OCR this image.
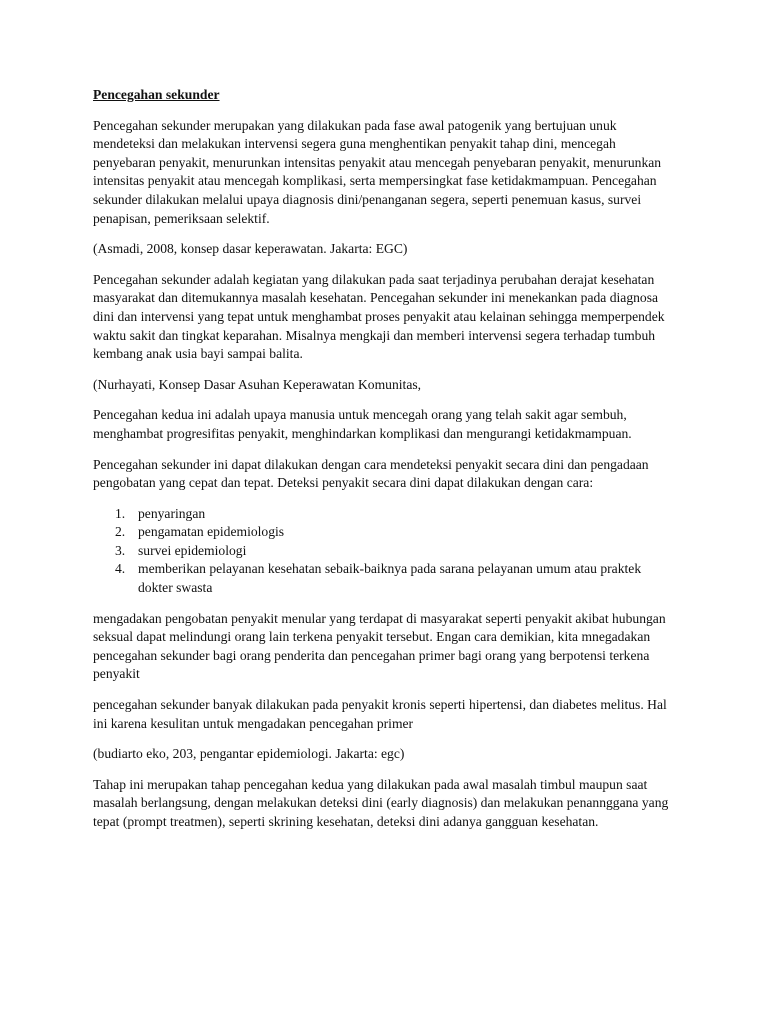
Pencegahan sekunder

Pencegahan sekunder merupakan yang dilakukan pada fase awal patogenik yang bertujuan unuk mendeteksi dan melakukan intervensi segera guna menghentikan penyakit tahap dini, mencegah penyebaran penyakit, menurunkan intensitas penyakit atau mencegah penyebaran penyakit, menurunkan intensitas penyakit atau mencegah komplikasi, serta mempersingkat fase ketidakmampuan. Pencegahan sekunder dilakukan melalui upaya diagnosis dini/penanganan segera, seperti penemuan kasus, survei penapisan, pemeriksaan selektif.

(Asmadi, 2008, konsep dasar keperawatan. Jakarta: EGC)

Pencegahan sekunder adalah kegiatan yang dilakukan pada saat terjadinya perubahan derajat kesehatan masyarakat dan ditemukannya masalah kesehatan. Pencegahan sekunder ini menekankan pada diagnosa dini dan intervensi yang tepat untuk menghambat proses penyakit atau kelainan sehingga memperpendek waktu sakit dan tingkat keparahan. Misalnya mengkaji dan memberi intervensi segera terhadap tumbuh kembang anak usia bayi sampai balita.

(Nurhayati, Konsep Dasar Asuhan Keperawatan Komunitas,

Pencegahan kedua ini adalah upaya manusia untuk mencegah orang yang telah sakit agar sembuh, menghambat progresifitas penyakit, menghindarkan komplikasi dan mengurangi ketidakmampuan.

Pencegahan sekunder ini dapat dilakukan dengan cara mendeteksi penyakit secara dini dan pengadaan pengobatan yang cepat dan tepat. Deteksi penyakit secara dini dapat dilakukan dengan cara:

1. penyaringan
2. pengamatan epidemiologis
3. survei epidemiologi
4. memberikan pelayanan kesehatan sebaik-baiknya pada sarana pelayanan umum atau praktek dokter swasta

mengadakan pengobatan penyakit menular yang terdapat di masyarakat seperti penyakit akibat hubungan seksual dapat melindungi orang lain terkena penyakit tersebut. Engan cara demikian, kita mnegadakan pencegahan sekunder bagi orang penderita dan pencegahan primer bagi orang yang berpotensi terkena penyakit

pencegahan sekunder banyak dilakukan pada penyakit kronis seperti hipertensi, dan diabetes melitus. Hal ini karena kesulitan untuk mengadakan pencegahan primer

(budiarto eko, 203, pengantar epidemiologi. Jakarta: egc)

Tahap ini merupakan tahap pencegahan kedua yang dilakukan pada awal masalah timbul maupun saat masalah berlangsung, dengan melakukan deteksi dini (early diagnosis) dan melakukan penannggana yang tepat (prompt treatmen), seperti skrining kesehatan, deteksi dini adanya gangguan kesehatan.
